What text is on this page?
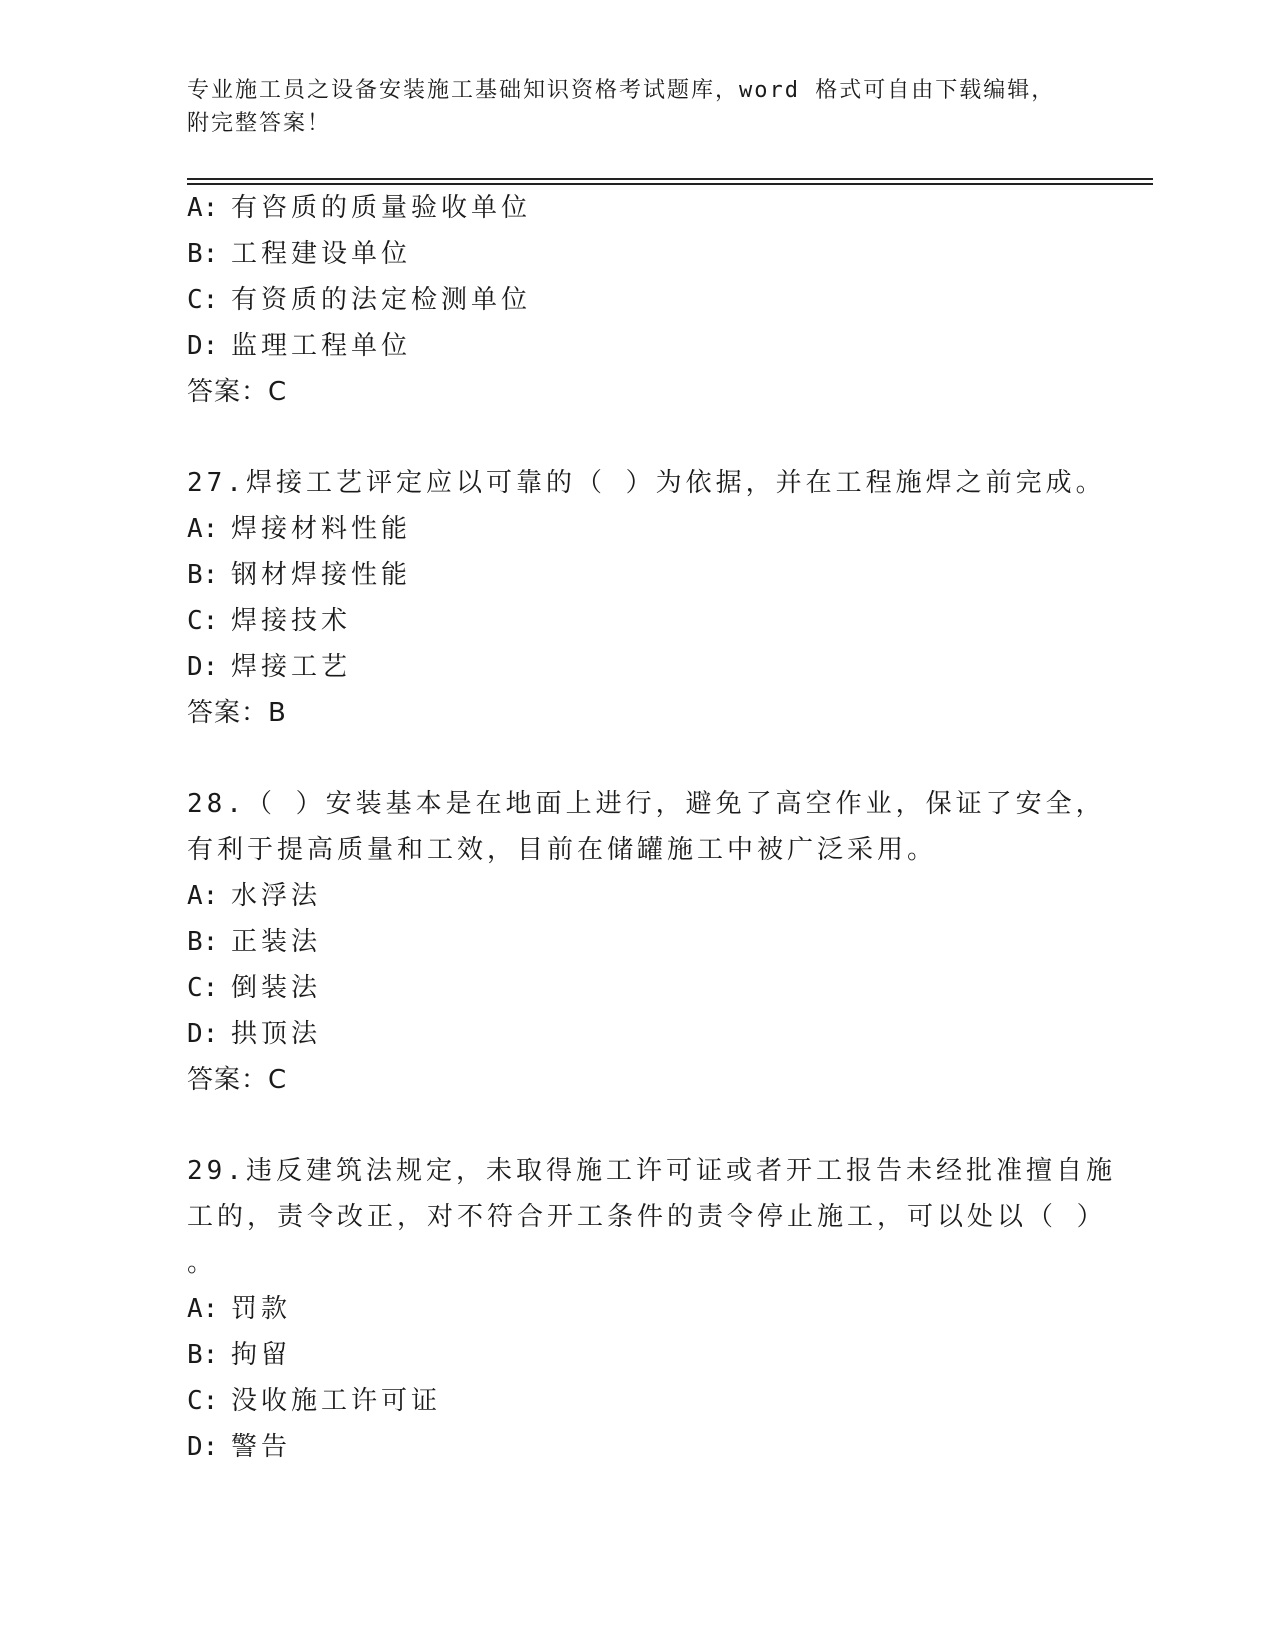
专业施工员之设备安装施工基础知识资格考试题库，word 格式可自由下载编辑，
附完整答案！
A: 有咨质的质量验收单位
B: 工程建设单位
C: 有资质的法定检测单位
D: 监理工程单位
答案：C
27.焊接工艺评定应以可靠的（ ）为依据，并在工程施焊之前完成。
A: 焊接材料性能
B: 钢材焊接性能
C: 焊接技术
D: 焊接工艺
答案：B
28.（ ）安装基本是在地面上进行，避免了高空作业，保证了安全，
有利于提高质量和工效，目前在储罐施工中被广泛采用。
A: 水浮法
B: 正装法
C: 倒装法
D: 拱顶法
答案：C
29.违反建筑法规定，未取得施工许可证或者开工报告未经批准擅自施
工的，责令改正，对不符合开工条件的责令停止施工，可以处以（ ）
。
A: 罚款
B: 拘留
C: 没收施工许可证
D: 警告
